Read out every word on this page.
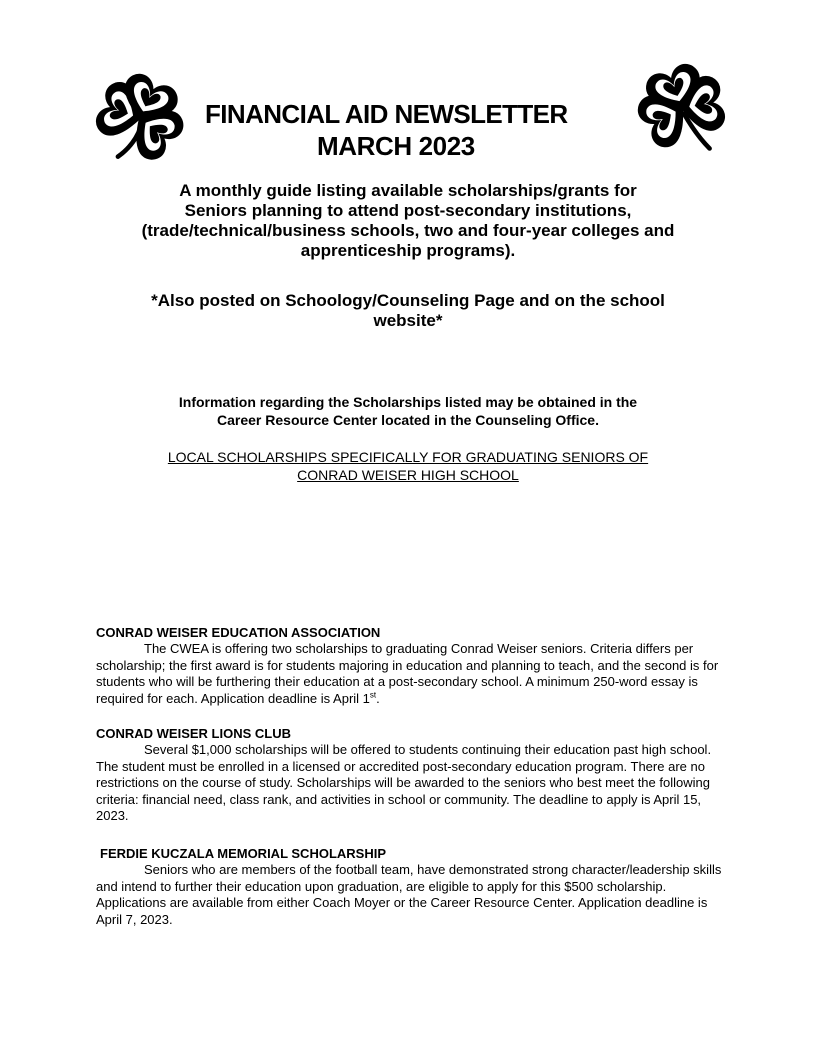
FINANCIAL AID NEWSLETTER
MARCH 2023

A monthly guide listing available scholarships/grants for

Seniors planning to attend post-secondary institutions,

(trade/technical/business schools, two and four-year colleges and

apprenticeship programs).

*Also posted on Schoology/Counseling Page and on the school
website*
Information regarding the Scholarships listed may be obtained in the
Career Resource Center located in the Counseling Office.
LOCAL SCHOLARSHIPS SPECIFICALLY FOR GRADUATING SENIORS OF
CONRAD WEISER HIGH SCHOOL
CONRAD WEISER EDUCATION ASSOCIATION

The CWEA is offering two scholarships to graduating Conrad Weiser seniors. Criteria differs per scholarship; the first award is for students majoring in education and planning to teach, and the second is for students who will be furthering their education at a post-secondary school. A minimum 250-word essay is required for each. Application deadline is April 1st.

CONRAD WEISER LIONS CLUB

Several $1,000 scholarships will be offered to students continuing their education past high school. The student must be enrolled in a licensed or accredited post-secondary education program. There are no restrictions on the course of study. Scholarships will be awarded to the seniors who best meet the following criteria: financial need, class rank, and activities in school or community. The deadline to apply is April 15, 2023.

FERDIE KUCZALA MEMORIAL SCHOLARSHIP

Seniors who are members of the football team, have demonstrated strong character/leadership skills and intend to further their education upon graduation, are eligible to apply for this $500 scholarship. Applications are available from either Coach Moyer or the Career Resource Center. Application deadline is April 7, 2023.
